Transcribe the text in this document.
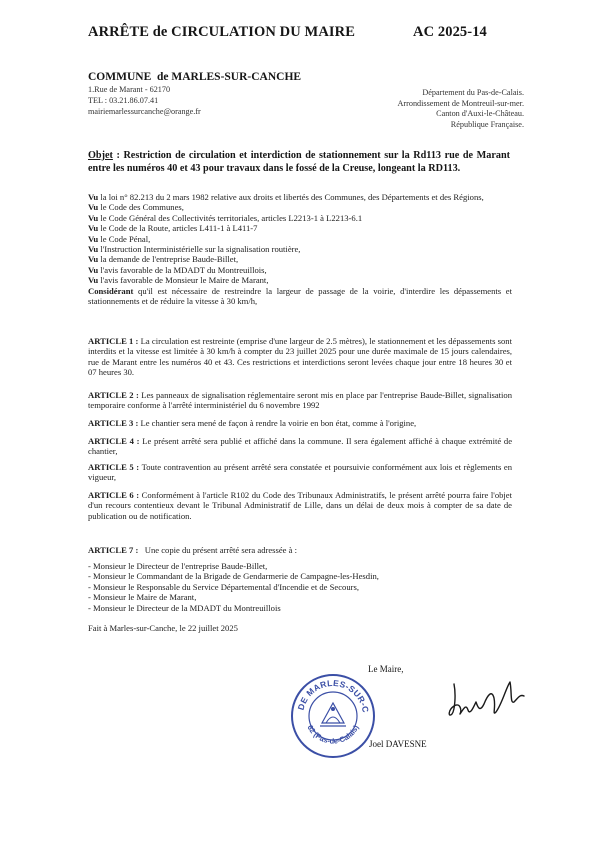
ARRÊTE de CIRCULATION DU MAIRE	AC 2025-14
COMMUNE de MARLES-SUR-CANCHE
1.Rue de Marant - 62170
TEL : 03.21.86.07.41
mairiemarlessurcanche@orange.fr
Département du Pas-de-Calais.
Arrondissement de Montreuil-sur-mer.
Canton d'Auxi-le-Château.
République Française.
Objet : Restriction de circulation et interdiction de stationnement sur la Rd113 rue de Marant entre les numéros 40 et 43 pour travaux dans le fossé de la Creuse, longeant la RD113.
Vu la loi n° 82.213 du 2 mars 1982 relative aux droits et libertés des Communes, des Départements et des Régions,
Vu le Code des Communes,
Vu le Code Général des Collectivités territoriales, articles L2213-1 à L2213-6.1
Vu le Code de la Route, articles L411-1 à L411-7
Vu le Code Pénal,
Vu l'Instruction Interministérielle sur la signalisation routière,
Vu la demande de l'entreprise Baude-Billet,
Vu l'avis favorable de la MDADT du Montreuillois,
Vu l'avis favorable de Monsieur le Maire de Marant,
Considérant qu'il est nécessaire de restreindre la largeur de passage de la voirie, d'interdire les dépassements et stationnements et de réduire la vitesse à 30 km/h,
ARTICLE 1 : La circulation est restreinte (emprise d'une largeur de 2.5 mètres), le stationnement et les dépassements sont interdits et la vitesse est limitée à 30 km/h à compter du 23 juillet 2025 pour une durée maximale de 15 jours calendaires, rue de Marant entre les numéros 40 et 43. Ces restrictions et interdictions seront levées chaque jour entre 18 heures 30 et 07 heures 30.
ARTICLE 2 : Les panneaux de signalisation réglementaire seront mis en place par l'entreprise Baude-Billet, signalisation temporaire conforme à l'arrêté interministériel du 6 novembre 1992
ARTICLE 3 : Le chantier sera mené de façon à rendre la voirie en bon état, comme à l'origine,
ARTICLE 4 : Le présent arrêté sera publié et affiché dans la commune. Il sera également affiché à chaque extrémité de chantier,
ARTICLE 5 : Toute contravention au présent arrêté sera constatée et poursuivie conformément aux lois et règlements en vigueur,
ARTICLE 6 : Conformément à l'article R102 du Code des Tribunaux Administratifs, le présent arrêté pourra faire l'objet d'un recours contentieux devant le Tribunal Administratif de Lille, dans un délai de deux mois à compter de sa date de publication ou de notification.
ARTICLE 7 :   Une copie du présent arrêté sera adressée à :
- Monsieur le Directeur de l'entreprise Baude-Billet,
- Monsieur le Commandant de la Brigade de Gendarmerie de Campagne-les-Hesdin,
- Monsieur le Responsable du Service Départemental d'Incendie et de Secours,
- Monsieur le Maire de Marant,
- Monsieur le Directeur de la MDADT du Montreuillois
Fait à Marles-sur-Canche, le 22 juillet 2025
Le Maire,
DE MARLES-SUR-C
62 (Pas-de-Calais)
Joel DAVESNE
